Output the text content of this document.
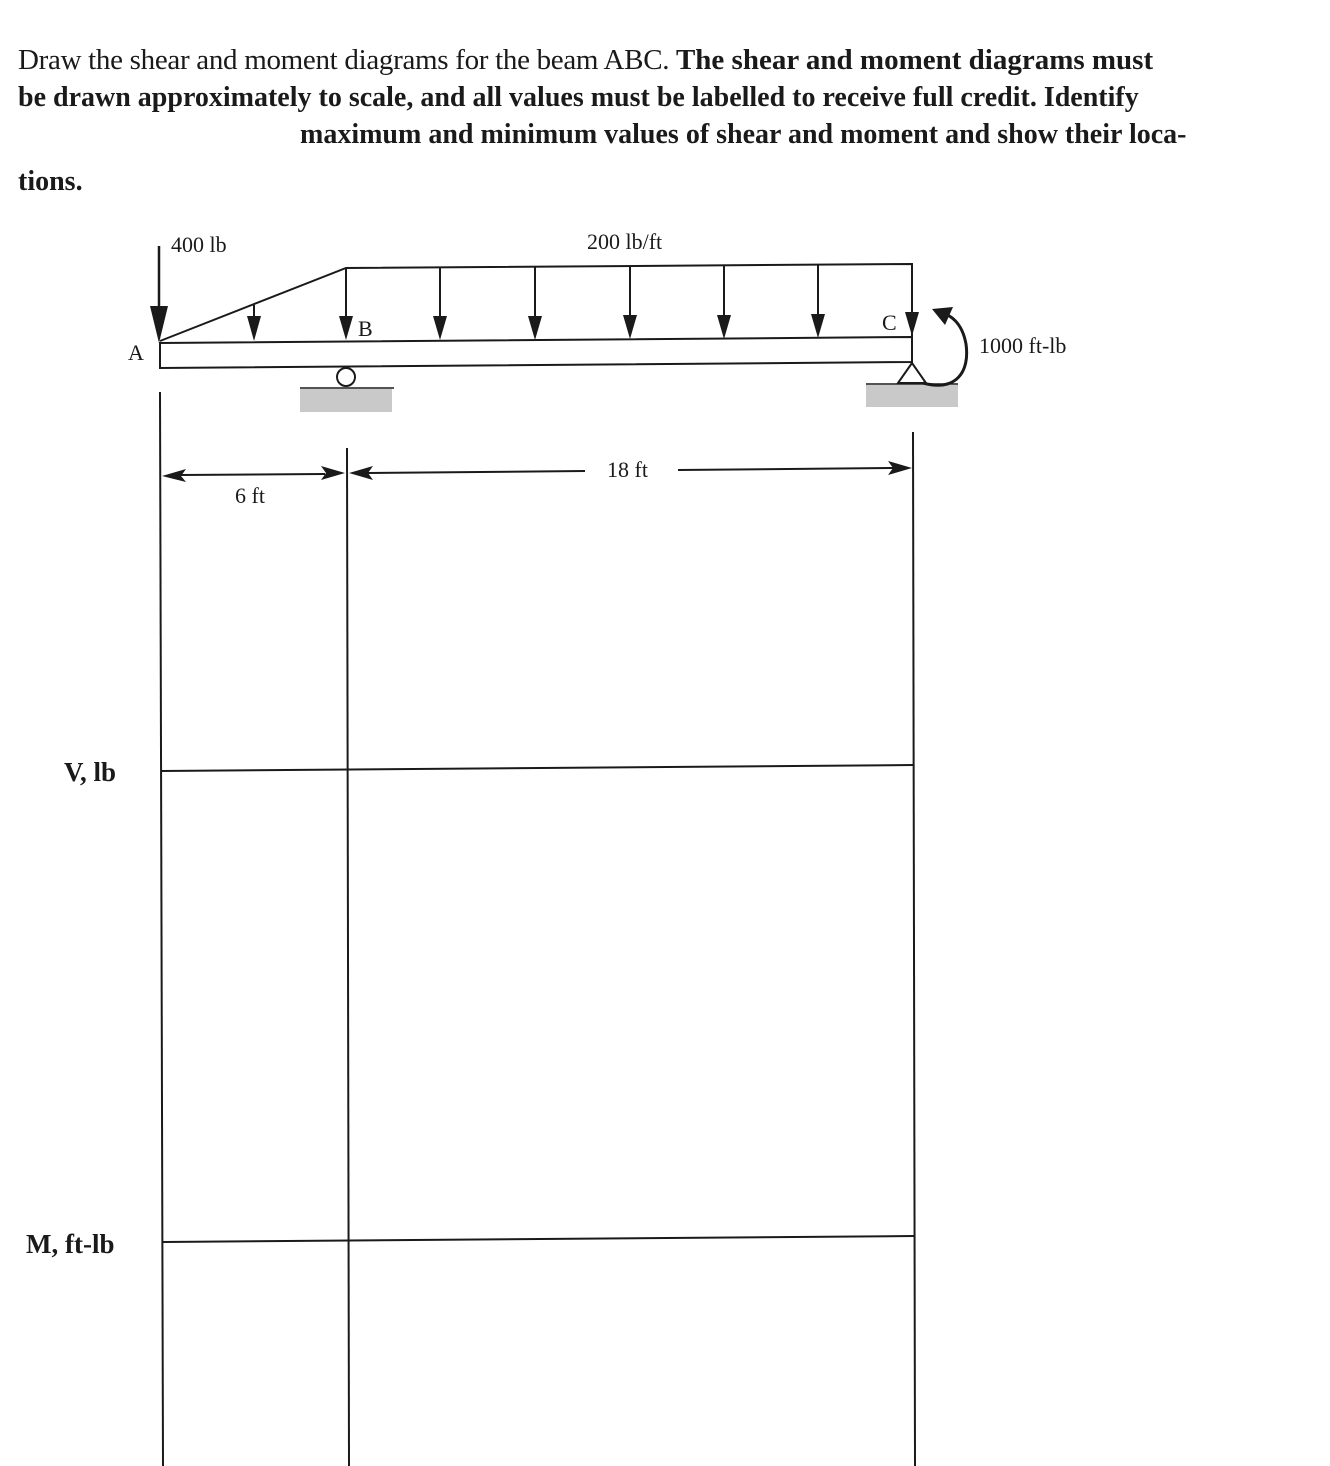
Draw the shear and moment diagrams for the beam ABC. The shear and moment diagrams must

be drawn approximately to scale, and all values must be labelled to receive full credit. Identify

maximum and minimum values of shear and moment and show their loca-

tions.

400 lb	200 lb/ft
A
B	C
1000 ft-lb
6 ft
18 ft
V, lb
M, ft-lb
